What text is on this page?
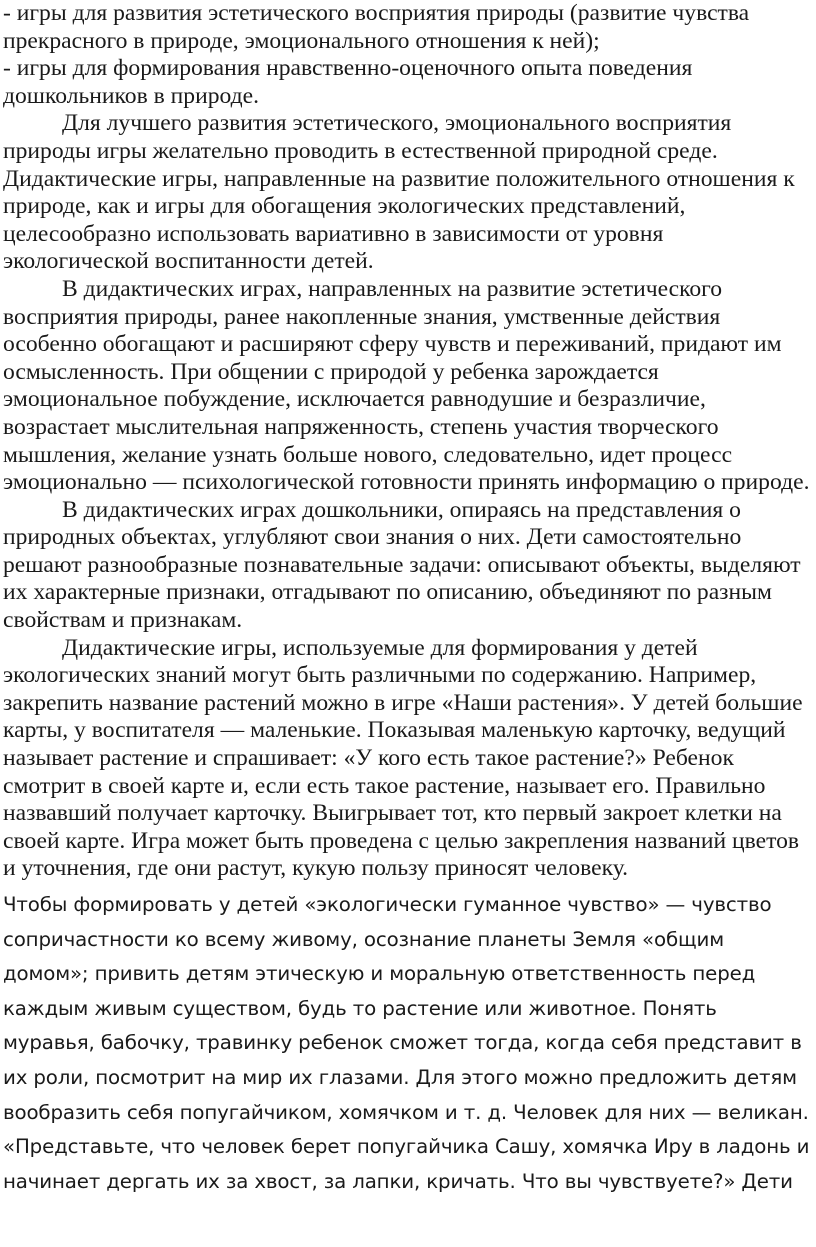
- игры для развития эстетического восприятия природы (развитие чувства прекрасного в природе, эмоционального отношения к ней);

- игры для формирования нравственно-оценочного опыта поведения дошкольников в природе.

Для лучшего развития эстетического, эмоционального восприятия природы игры желательно проводить в естественной природной среде. Дидактические игры, направленные на развитие положительного отношения к природе, как и игры для обогащения экологических представлений, целесообразно использовать вариативно в зависимости от уровня экологической воспитанности детей.

В дидактических играх, направленных на развитие эстетического восприятия природы, ранее накопленные знания, умственные действия особенно обогащают и расширяют сферу чувств и переживаний, придают им осмысленность. При общении с природой у ребенка зарождается эмоциональное побуждение, исключается равнодушие и безразличие, возрастает мыслительная напряженность, степень участия творческого мышления, желание узнать больше нового, следовательно, идет процесс эмоционально — психологической готовности принять информацию о природе.

В дидактических играх дошкольники, опираясь на представления о природных объектах, углубляют свои знания о них. Дети самостоятельно решают разнообразные познавательные задачи: описывают объекты, выделяют их характерные признаки, отгадывают по описанию, объединяют по разным свойствам и признакам.

Дидактические игры, используемые для формирования у детей экологических знаний могут быть различными по содержанию. Например, закрепить название растений можно в игре «Наши растения». У детей большие карты, у воспитателя — маленькие. Показывая маленькую карточку, ведущий называет растение и спрашивает: «У кого есть такое растение?» Ребенок смотрит в своей карте и, если есть такое растение, называет его. Правильно назвавший получает карточку. Выигрывает тот, кто первый закроет клетки на своей карте. Игра может быть проведена с целью закрепления названий цветов и уточнения, где они растут, кукую пользу приносят человеку.

Чтобы формировать у детей «экологически гуманное чувство» — чувство сопричастности ко всему живому, осознание планеты Земля «общим домом»; привить детям этическую и моральную ответственность перед каждым живым существом, будь то растение или животное. Понять муравья, бабочку, травинку ребенок сможет тогда, когда себя представит в их роли, посмотрит на мир их глазами. Для этого можно предложить детям вообразить себя попугайчиком, хомячком и т. д. Человек для них — великан. «Представьте, что человек берет попугайчика Сашу, хомячка Иру в ладонь и начинает дергать их за хвост, за лапки, кричать. Что вы чувствуете?» Дети
